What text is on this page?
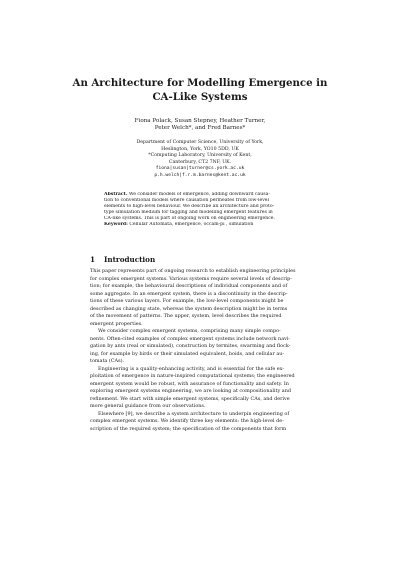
An Architecture for Modelling Emergence in
CA-Like Systems
Fiona Polack, Susan Stepney, Heather Turner,
Peter Welch*, and Fred Barnes*
Department of Computer Science, University of York,
Heslington, York, YO10 5DD, UK
*Computing Laboratory, University of Kent,
Canterbury, CT2 7NF, UK.
fiona|susan|turner@cs.york.ac.uk
p.h.welch|f.r.m.barnes@kent.ac.uk
Abstract. We consider models of emergence, adding downward causa-
tion to conventional models where causation permeates from low-level
elements to high-level behaviour. We describe an architecture and proto-
type simulation medium for tagging and modelling emergent features in
CA-like systems. This is part of ongoing work on engineering emergence.
Keyword: Cellular Automata, emergence, occam-pi , simulation
1 Introduction
This paper represents part of ongoing research to establish engineering principles
for complex emergent systems. Various systems require several levels of descrip-
tion; for example, the behavioural descriptions of individual components and of
some aggregate. In an emergent system, there is a discontinuity in the descrip-
tions of these various layers. For example, the low-level components might be
described as changing state, whereas the system description might be in terms
of the movement of patterns. The upper, system, level describes the required
emergent properties.
We consider complex emergent systems, comprising many simple compo-
nents. Often-cited examples of complex emergent systems include network navi-
gation by ants (real or simulated), construction by termites, swarming and flock-
ing, for example by birds or their simulated equivalent, boids, and cellular au-
tomata (CAs).
Engineering is a quality-enhancing activity, and is essential for the safe ex-
ploitation of emergence in nature-inspired computational systems; the engineered
emergent system would be robust, with assurance of functionality and safety. In
exploring emergent systems engineering, we are looking at compositionality and
refinement. We start with simple emergent systems, specifically CAs, and derive
more general guidance from our observations.
Elsewhere [9], we describe a system architecture to underpin engineering of
complex emergent systems. We identify three key elements: the high-level de-
scription of the required system; the specification of the components that form
